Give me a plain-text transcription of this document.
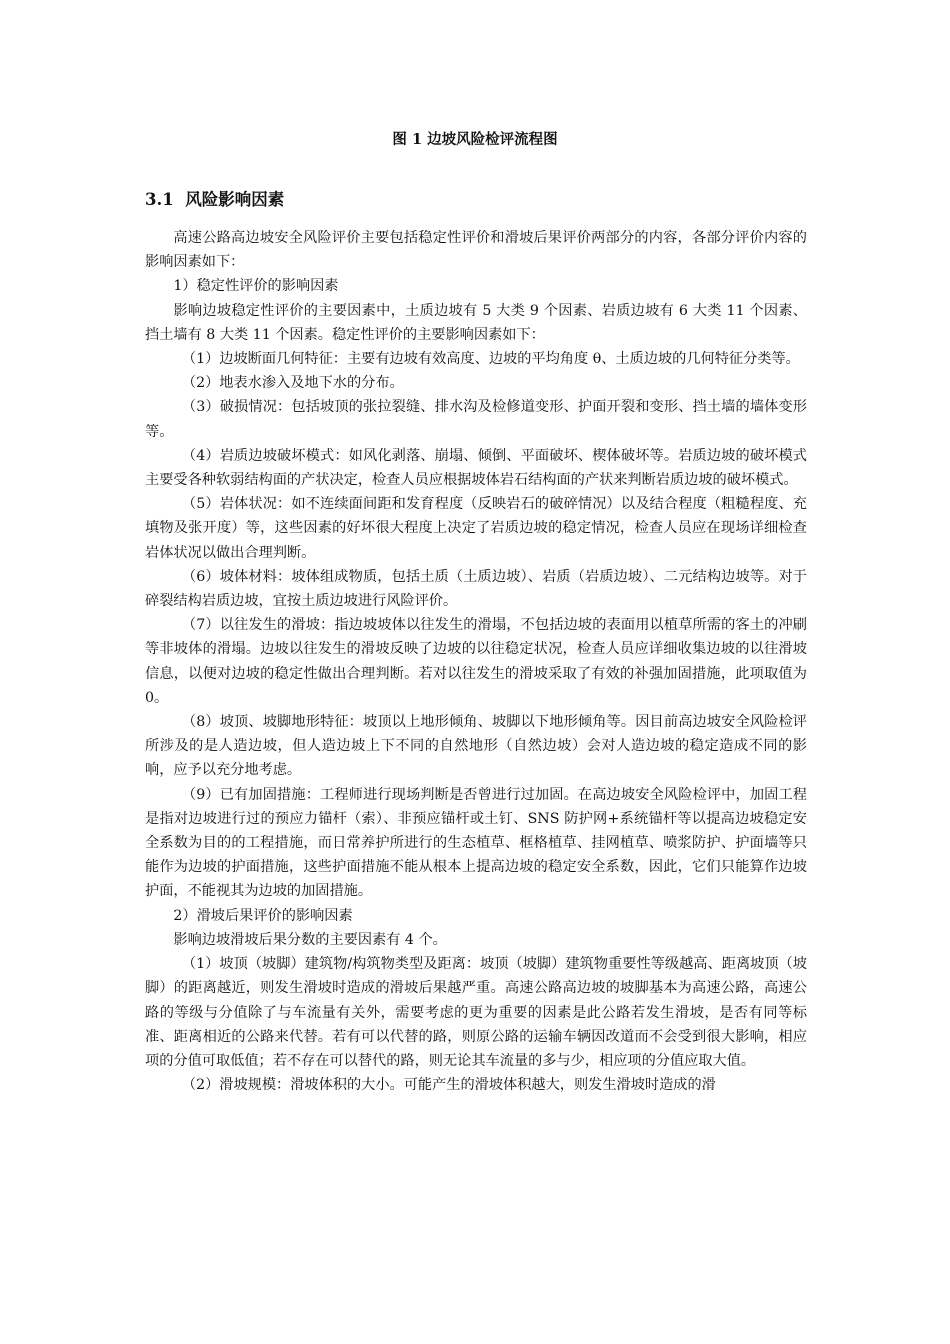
图 1 边坡风险检评流程图
3.1 风险影响因素

高速公路高边坡安全风险评价主要包括稳定性评价和滑坡后果评价两部分的内容，各部分评价内容的影响因素如下：

1）稳定性评价的影响因素

影响边坡稳定性评价的主要因素中，土质边坡有 5 大类 9 个因素、岩质边坡有 6 大类 11 个因素、挡土墙有 8 大类 11 个因素。稳定性评价的主要影响因素如下：

（1）边坡断面几何特征：主要有边坡有效高度、边坡的平均角度 θ、土质边坡的几何特征分类等。

（2）地表水渗入及地下水的分布。

（3）破损情况：包括坡顶的张拉裂缝、排水沟及检修道变形、护面开裂和变形、挡土墙的墙体变形等。

（4）岩质边坡破坏模式：如风化剥落、崩塌、倾倒、平面破坏、楔体破坏等。岩质边坡的破坏模式主要受各种软弱结构面的产状决定，检查人员应根据坡体岩石结构面的产状来判断岩质边坡的破坏模式。

（5）岩体状况：如不连续面间距和发育程度（反映岩石的破碎情况）以及结合程度（粗糙程度、充填物及张开度）等，这些因素的好坏很大程度上决定了岩质边坡的稳定情况，检查人员应在现场详细检查岩体状况以做出合理判断。

（6）坡体材料：坡体组成物质，包括土质（土质边坡）、岩质（岩质边坡）、二元结构边坡等。对于碎裂结构岩质边坡，宜按土质边坡进行风险评价。

（7）以往发生的滑坡：指边坡坡体以往发生的滑塌，不包括边坡的表面用以植草所需的客土的冲刷等非坡体的滑塌。边坡以往发生的滑坡反映了边坡的以往稳定状况，检查人员应详细收集边坡的以往滑坡信息，以便对边坡的稳定性做出合理判断。若对以往发生的滑坡采取了有效的补强加固措施，此项取值为 0。

（8）坡顶、坡脚地形特征：坡顶以上地形倾角、坡脚以下地形倾角等。因目前高边坡安全风险检评所涉及的是人造边坡，但人造边坡上下不同的自然地形（自然边坡）会对人造边坡的稳定造成不同的影响，应予以充分地考虑。

（9）已有加固措施：工程师进行现场判断是否曾进行过加固。在高边坡安全风险检评中，加固工程是指对边坡进行过的预应力锚杆（索）、非预应锚杆或土钉、SNS 防护网+系统锚杆等以提高边坡稳定安全系数为目的的工程措施，而日常养护所进行的生态植草、框格植草、挂网植草、喷浆防护、护面墙等只能作为边坡的护面措施，这些护面措施不能从根本上提高边坡的稳定安全系数，因此，它们只能算作边坡护面，不能视其为边坡的加固措施。

2）滑坡后果评价的影响因素

影响边坡滑坡后果分数的主要因素有 4 个。

（1）坡顶（坡脚）建筑物/构筑物类型及距离：坡顶（坡脚）建筑物重要性等级越高、距离坡顶（坡脚）的距离越近，则发生滑坡时造成的滑坡后果越严重。高速公路高边坡的坡脚基本为高速公路，高速公路的等级与分值除了与车流量有关外，需要考虑的更为重要的因素是此公路若发生滑坡，是否有同等标准、距离相近的公路来代替。若有可以代替的路，则原公路的运输车辆因改道而不会受到很大影响，相应项的分值可取低值；若不存在可以替代的路，则无论其车流量的多与少，相应项的分值应取大值。

（2）滑坡规模：滑坡体积的大小。可能产生的滑坡体积越大，则发生滑坡时造成的滑
